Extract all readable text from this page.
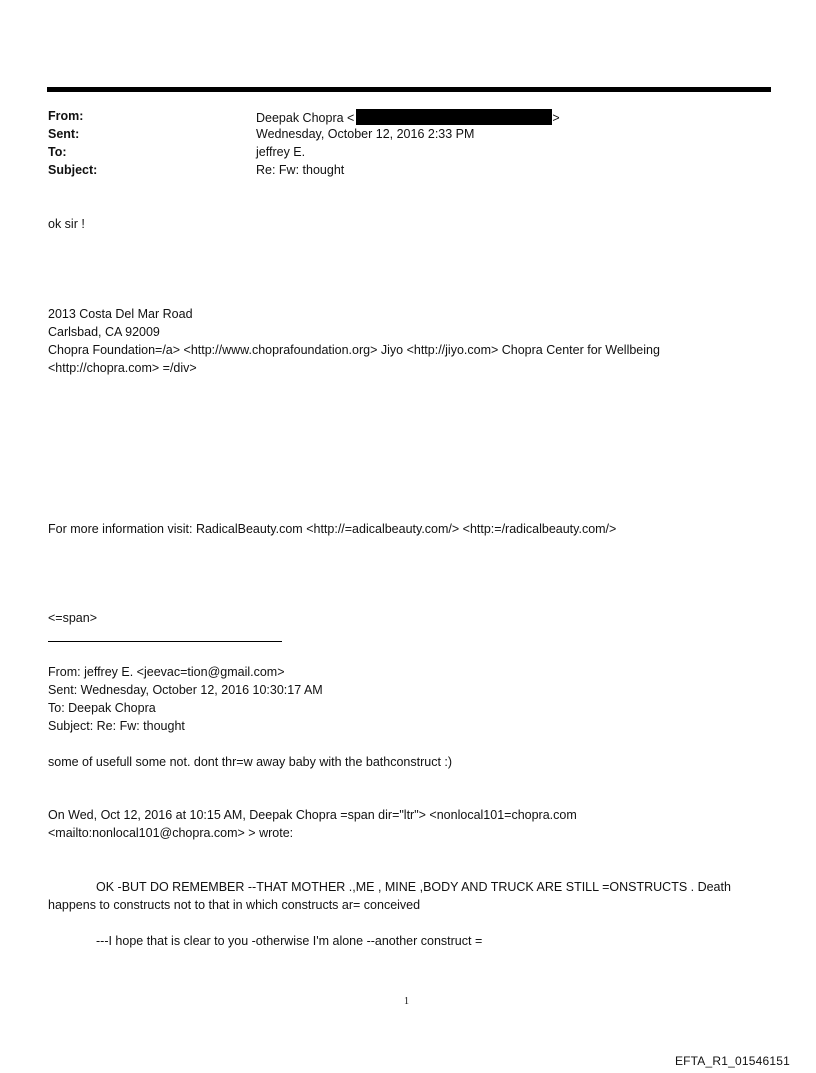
From:	Deepak Chopra <	>
Sent:	Wednesday, October 12, 2016 2:33 PM
To:	jeffrey E.
Subject:	Re: Fw: thought
ok sir !
2013 Costa Del Mar Road
Carlsbad, CA 92009
Chopra Foundation=/a> <http://www.choprafoundation.org> Jiyo <http://jiyo.com> Chopra Center for Wellbeing
<http://chopra.com> =/div>
For more information visit: RadicalBeauty.com <http://=adicalbeauty.com/> <http:=/radicalbeauty.com/>
<=span>
From: jeffrey E. <jeevac=tion@gmail.com>
Sent: Wednesday, October 12, 2016 10:30:17 AM
To: Deepak Chopra
Subject: Re: Fw: thought
some of usefull some not. dont thr=w away baby with the bathconstruct :)
On Wed, Oct 12, 2016 at 10:15 AM, Deepak Chopra =span dir="ltr"> <nonlocal101=chopra.com
<mailto:nonlocal101@chopra.com> > wrote:
OK -BUT DO REMEMBER --THAT MOTHER .,ME , MINE ,BODY AND TRUCK ARE STILL =ONSTRUCTS . Death
happens to constructs not to that in which constructs ar= conceived
---I hope that is clear to you -otherwise I'm alone --another construct =
1
EFTA_R1_01546151
